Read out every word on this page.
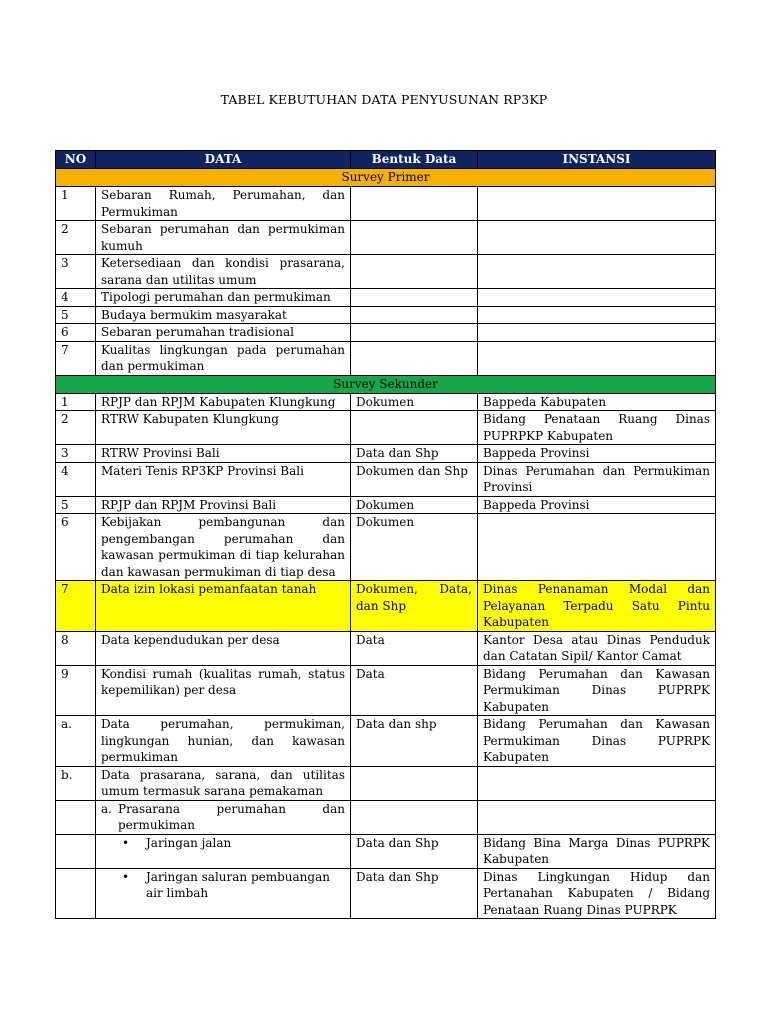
TABEL KEBUTUHAN DATA PENYUSUNAN RP3KP
NO	DATA	Bentuk Data	INSTANSI
Survey Primer			
1	Sebaran Rumah, Perumahan, dan Permukiman		
2	Sebaran perumahan dan permukiman kumuh		
3	Ketersediaan dan kondisi prasarana, sarana dan utilitas umum		
4	Tipologi perumahan dan permukiman		
5	Budaya bermukim masyarakat		
6	Sebaran perumahan tradisional		
7	Kualitas lingkungan pada perumahan dan permukiman		
Survey Sekunder			
1	RPJP dan RPJM Kabupaten Klungkung	Dokumen	Bappeda Kabupaten
2	RTRW Kabupaten Klungkung		Bidang Penataan Ruang Dinas PUPRPKP Kabupaten
3	RTRW Provinsi Bali	Data dan Shp	Bappeda Provinsi
4	Materi Tenis RP3KP Provinsi Bali	Dokumen dan Shp	Dinas Perumahan dan Permukiman Provinsi
5	RPJP dan RPJM Provinsi Bali	Dokumen	Bappeda Provinsi
6	Kebijakan pembangunan dan pengembangan perumahan dan kawasan permukiman di tiap kelurahan dan kawasan permukiman di tiap desa	Dokumen	
7	Data izin lokasi pemanfaatan tanah	Dokumen, Data, dan Shp	Dinas Penanaman Modal dan Pelayanan Terpadu Satu Pintu Kabupaten
8	Data kependudukan per desa	Data	Kantor Desa atau Dinas Penduduk dan Catatan Sipil/ Kantor Camat
9	Kondisi rumah (kualitas rumah, status kepemilikan) per desa	Data	Bidang Perumahan dan Kawasan Permukiman Dinas PUPRPK Kabupaten
a.	Data perumahan, permukiman, lingkungan hunian, dan kawasan permukiman	Data dan shp	Bidang Perumahan dan Kawasan Permukiman Dinas PUPRPK Kabupaten
b.	Data prasarana, sarana, dan utilitas umum termasuk sarana pemakaman		

	a. Prasarana perumahan dan permukiman		

	• Jaringan jalan	Data dan Shp	Bidang Bina Marga Dinas PUPRPK Kabupaten

	• Jaringan saluran pembuangan air limbah	Data dan Shp	Dinas Lingkungan Hidup dan Pertanahan Kabupaten / Bidang Penataan Ruang Dinas PUPRPK
